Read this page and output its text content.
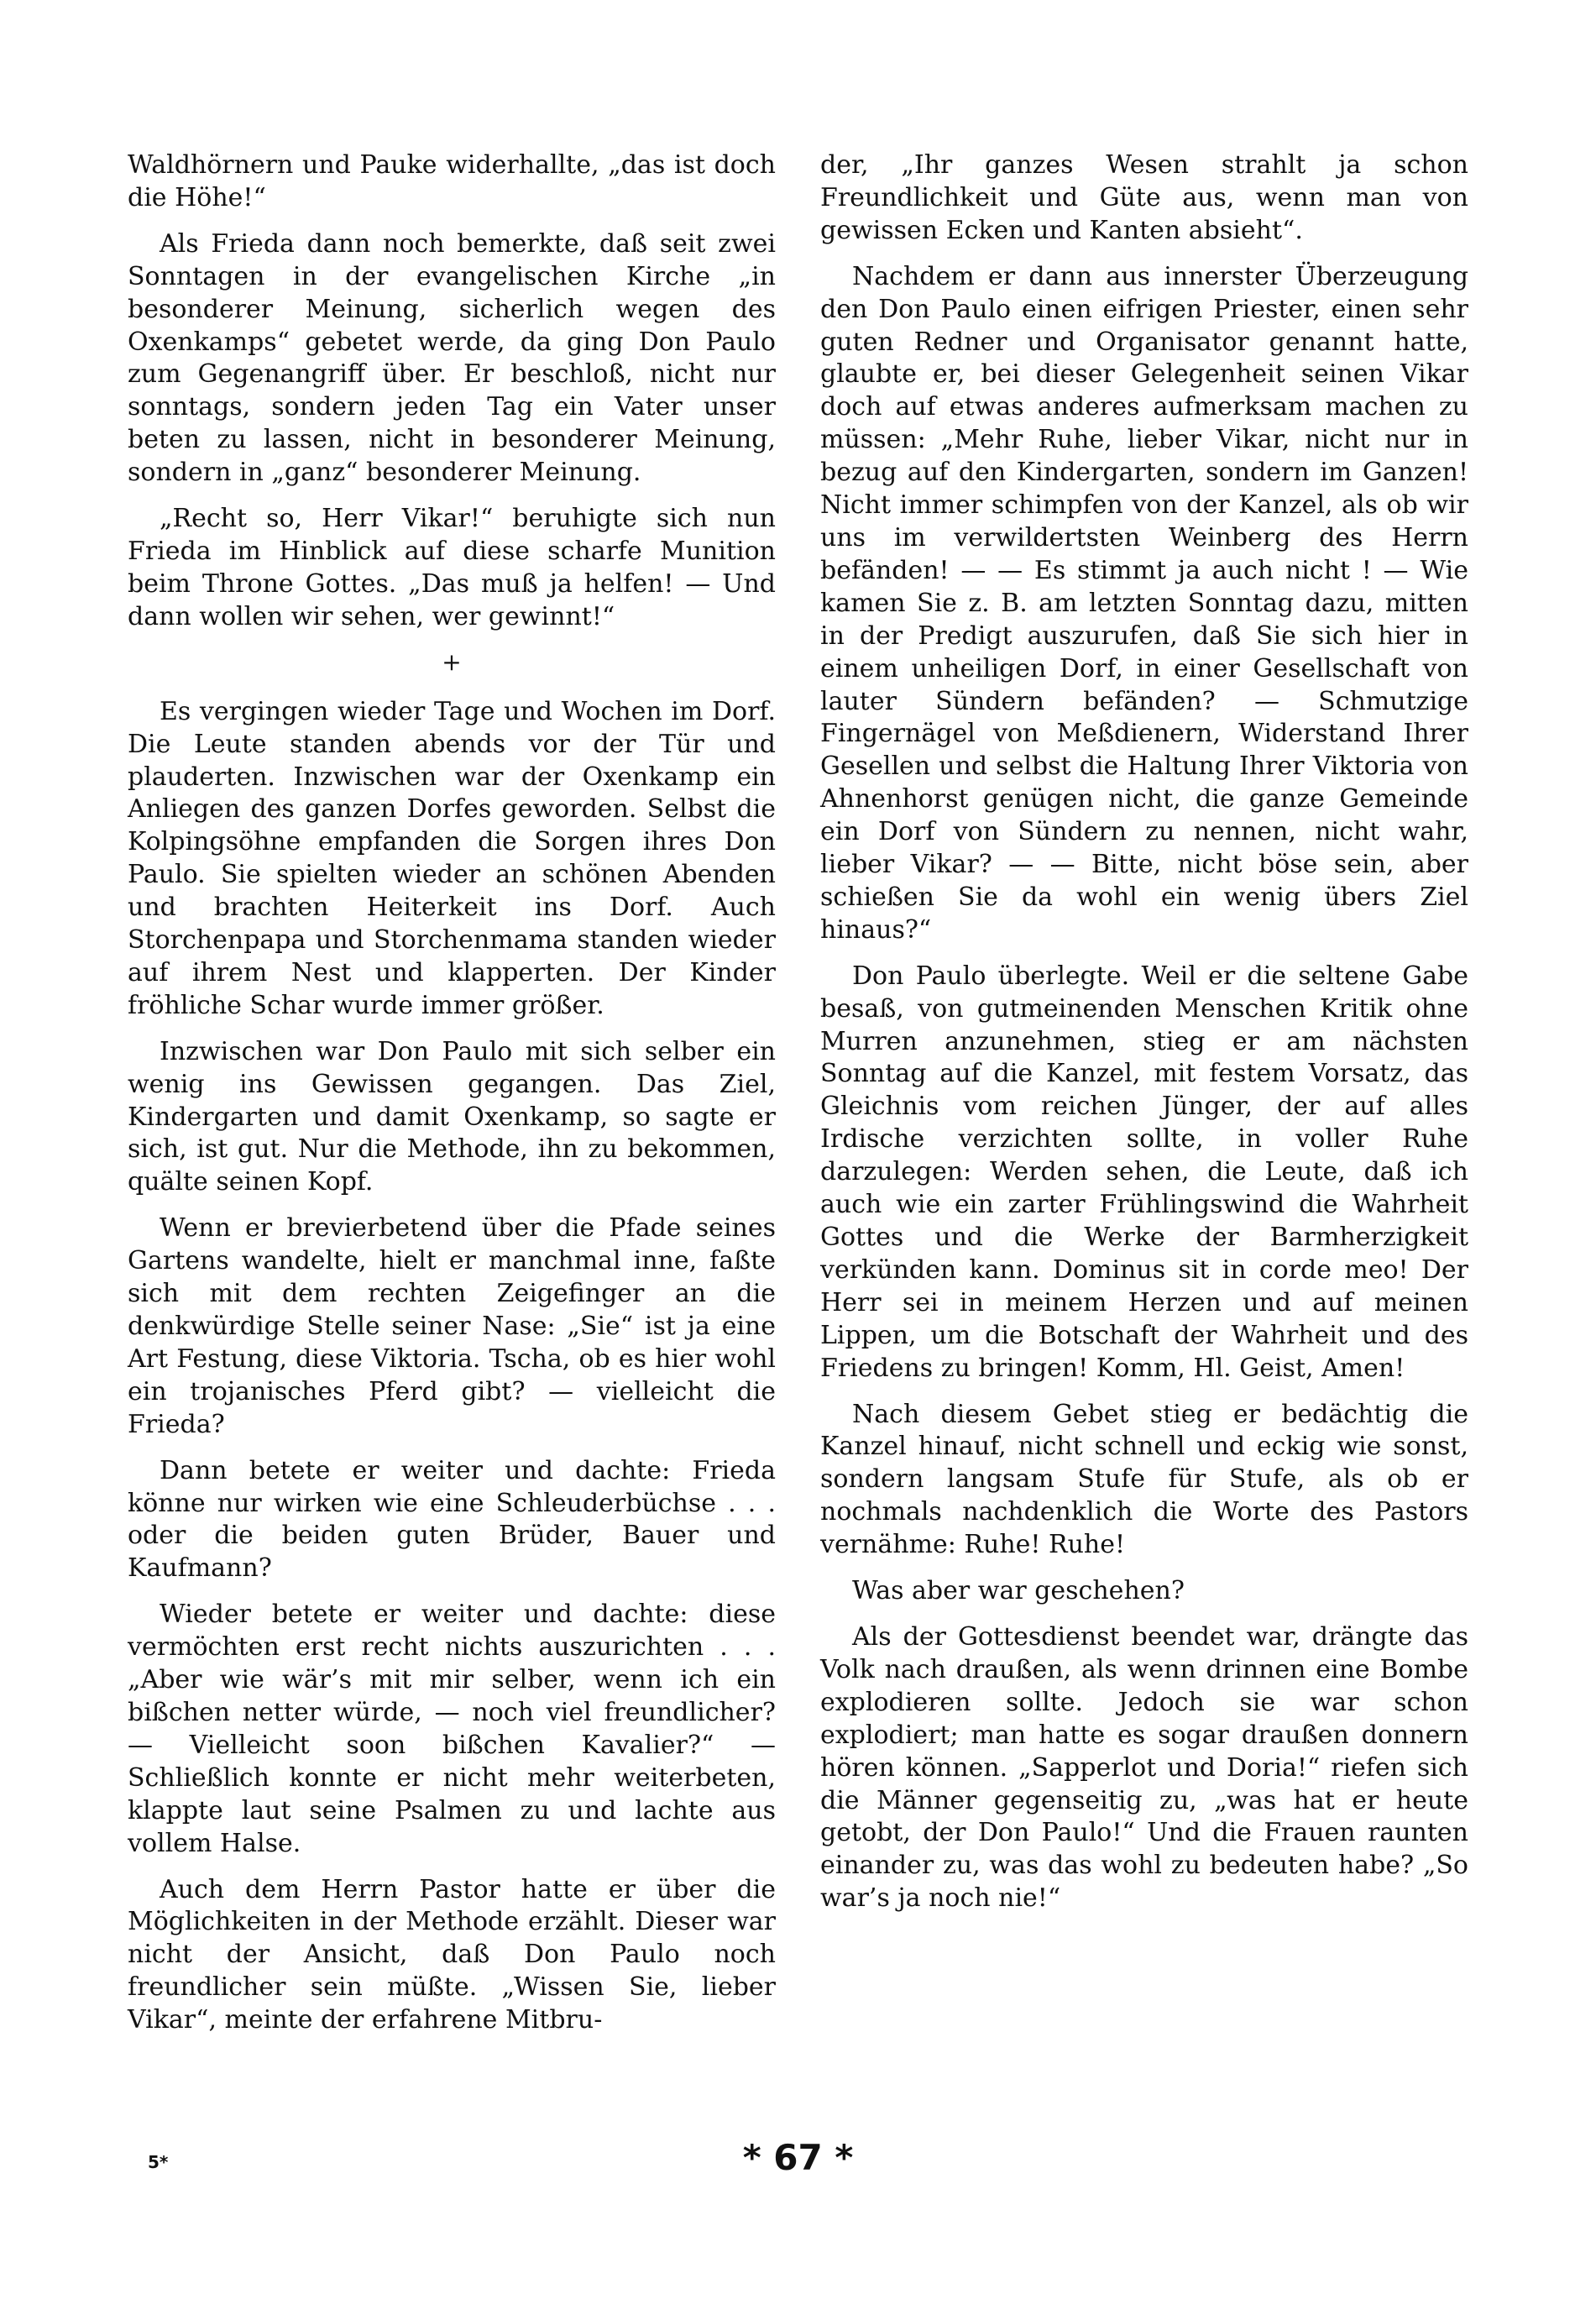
Waldhörnern und Pauke widerhallte, „das ist doch die Höhe!“

Als Frieda dann noch bemerkte, daß seit zwei Sonntagen in der evangelischen Kirche „in besonderer Meinung, sicherlich wegen des Oxenkamps“ gebetet werde, da ging Don Paulo zum Gegenangriff über. Er beschloß, nicht nur sonntags, sondern jeden Tag ein Vater unser beten zu lassen, nicht in besonderer Meinung, sondern in „ganz“ besonderer Meinung.

„Recht so, Herr Vikar!“ beruhigte sich nun Frieda im Hinblick auf diese scharfe Munition beim Throne Gottes. „Das muß ja helfen! — Und dann wollen wir sehen, wer gewinnt!“

+

Es vergingen wieder Tage und Wochen im Dorf. Die Leute standen abends vor der Tür und plauderten. Inzwischen war der Oxenkamp ein Anliegen des ganzen Dorfes geworden. Selbst die Kolpingsöhne empfanden die Sorgen ihres Don Paulo. Sie spielten wieder an schönen Abenden und brachten Heiterkeit ins Dorf. Auch Storchenpapa und Storchenmama standen wieder auf ihrem Nest und klapperten. Der Kinder fröhliche Schar wurde immer größer.

Inzwischen war Don Paulo mit sich selber ein wenig ins Gewissen gegangen. Das Ziel, Kindergarten und damit Oxenkamp, so sagte er sich, ist gut. Nur die Methode, ihn zu bekommen, quälte seinen Kopf.

Wenn er brevierbetend über die Pfade seines Gartens wandelte, hielt er manchmal inne, faßte sich mit dem rechten Zeigefinger an die denkwürdige Stelle seiner Nase: „Sie“ ist ja eine Art Festung, diese Viktoria. Tscha, ob es hier wohl ein trojanisches Pferd gibt? — vielleicht die Frieda?

Dann betete er weiter und dachte: Frieda könne nur wirken wie eine Schleuderbüchse . . . oder die beiden guten Brüder, Bauer und Kaufmann?

Wieder betete er weiter und dachte: diese vermöchten erst recht nichts auszurichten . . . „Aber wie wär’s mit mir selber, wenn ich ein bißchen netter würde, — noch viel freundlicher? — Vielleicht soon bißchen Kavalier?“ — Schließlich konnte er nicht mehr weiterbeten, klappte laut seine Psalmen zu und lachte aus vollem Halse.

Auch dem Herrn Pastor hatte er über die Möglichkeiten in der Methode erzählt. Dieser war nicht der Ansicht, daß Don Paulo noch freundlicher sein müßte. „Wissen Sie, lieber Vikar“, meinte der erfahrene Mitbru-

der, „Ihr ganzes Wesen strahlt ja schon Freundlichkeit und Güte aus, wenn man von gewissen Ecken und Kanten absieht“.

Nachdem er dann aus innerster Überzeugung den Don Paulo einen eifrigen Priester, einen sehr guten Redner und Organisator genannt hatte, glaubte er, bei dieser Gelegenheit seinen Vikar doch auf etwas anderes aufmerksam machen zu müssen: „Mehr Ruhe, lieber Vikar, nicht nur in bezug auf den Kindergarten, sondern im Ganzen! Nicht immer schimpfen von der Kanzel, als ob wir uns im verwildertsten Weinberg des Herrn befänden! — — Es stimmt ja auch nicht ! — Wie kamen Sie z. B. am letzten Sonntag dazu, mitten in der Predigt auszurufen, daß Sie sich hier in einem unheiligen Dorf, in einer Gesellschaft von lauter Sündern befänden? — Schmutzige Fingernägel von Meßdienern, Widerstand Ihrer Gesellen und selbst die Haltung Ihrer Viktoria von Ahnenhorst genügen nicht, die ganze Gemeinde ein Dorf von Sündern zu nennen, nicht wahr, lieber Vikar? — — Bitte, nicht böse sein, aber schießen Sie da wohl ein wenig übers Ziel hinaus?“

Don Paulo überlegte. Weil er die seltene Gabe besaß, von gutmeinenden Menschen Kritik ohne Murren anzunehmen, stieg er am nächsten Sonntag auf die Kanzel, mit festem Vorsatz, das Gleichnis vom reichen Jünger, der auf alles Irdische verzichten sollte, in voller Ruhe darzulegen: Werden sehen, die Leute, daß ich auch wie ein zarter Frühlingswind die Wahrheit Gottes und die Werke der Barmherzigkeit verkünden kann. Dominus sit in corde meo! Der Herr sei in meinem Herzen und auf meinen Lippen, um die Botschaft der Wahrheit und des Friedens zu bringen! Komm, Hl. Geist, Amen!

Nach diesem Gebet stieg er bedächtig die Kanzel hinauf, nicht schnell und eckig wie sonst, sondern langsam Stufe für Stufe, als ob er nochmals nachdenklich die Worte des Pastors vernähme: Ruhe! Ruhe!

Was aber war geschehen?

Als der Gottesdienst beendet war, drängte das Volk nach draußen, als wenn drinnen eine Bombe explodieren sollte. Jedoch sie war schon explodiert; man hatte es sogar draußen donnern hören können. „Sapperlot und Doria!“ riefen sich die Männer gegenseitig zu, „was hat er heute getobt, der Don Paulo!“ Und die Frauen raunten einander zu, was das wohl zu bedeuten habe? „So war’s ja noch nie!“

5*	* 67 *
